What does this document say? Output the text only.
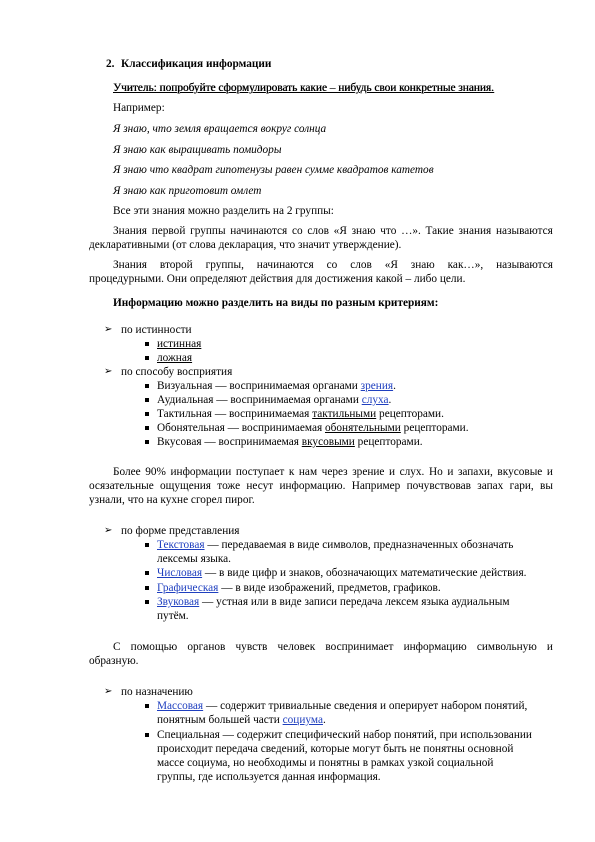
2. Классификация информации
Учитель: попробуйте сформулировать какие – нибудь свои конкретные знания.
Например:
Я знаю, что земля вращается вокруг солнца
Я знаю как выращивать помидоры
Я знаю что квадрат гипотенузы равен сумме квадратов катетов
Я знаю как приготовит омлет
Все эти знания можно разделить на 2 группы:
Знания первой группы начинаются со слов «Я знаю что …». Такие знания называются
декларативными (от слова декларация, что значит утверждение).
Знания второй группы, начинаются со слов «Я знаю как…», называются
процедурными. Они определяют действия для достижения какой – либо цели.
Информацию можно разделить на виды по разным критериям:
➢ по истинности
истинная
ложная
➢ по способу восприятия
Визуальная — воспринимаемая органами зрения.
Аудиальная — воспринимаемая органами слуха.
Тактильная — воспринимаемая тактильными рецепторами.
Обонятельная — воспринимаемая обонятельными рецепторами.
Вкусовая — воспринимаемая вкусовыми рецепторами.
Более 90% информации поступает к нам через зрение и слух. Но и запахи, вкусовые и
осязательные ощущения тоже несут информацию. Например почувствовав запах гари, вы
узнали, что на кухне сгорел пирог.
➢ по форме представления
Текстовая — передаваемая в виде символов, предназначенных обозначать
лексемы языка.
Числовая — в виде цифр и знаков, обозначающих математические действия.
Графическая — в виде изображений, предметов, графиков.
Звуковая — устная или в виде записи передача лексем языка аудиальным
путём.
С помощью органов чувств человек воспринимает информацию символьную и
образную.
➢ по назначению
Массовая — содержит тривиальные сведения и оперирует набором понятий,
понятным большей части социума.
Специальная — содержит специфический набор понятий, при использовании
происходит передача сведений, которые могут быть не понятны основной
массе социума, но необходимы и понятны в рамках узкой социальной
группы, где используется данная информация.
